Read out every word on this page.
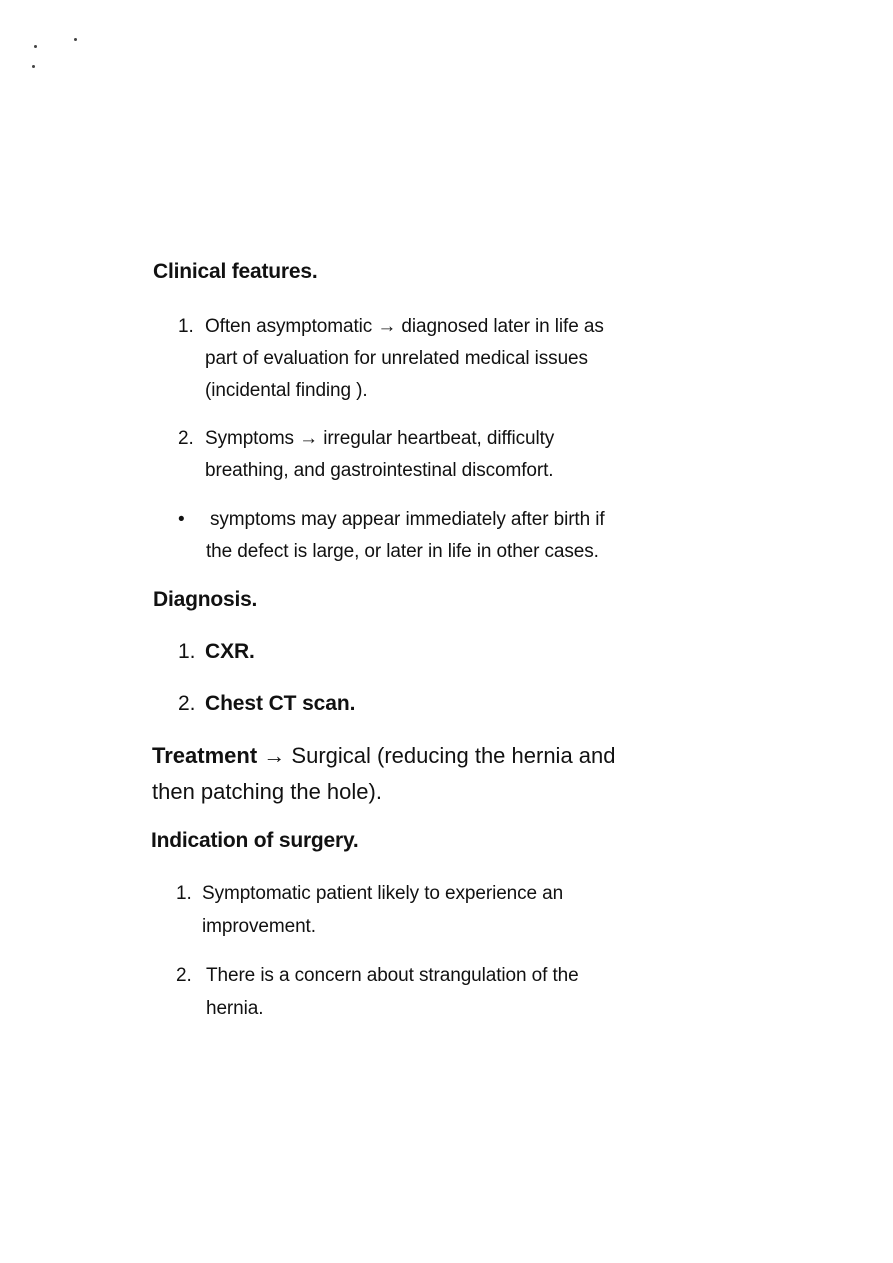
Clinical features.
1. Often asymptomatic → diagnosed later in life as
part of evaluation for unrelated medical issues
(incidental finding ).
2. Symptoms → irregular heartbeat, difficulty
breathing, and gastrointestinal discomfort.
• symptoms may appear immediately after birth if
the defect is large, or later in life in other cases.
Diagnosis.
1. CXR.
2. Chest CT scan.
Treatment → Surgical (reducing the hernia and
then patching the hole).
Indication of surgery.
1. Symptomatic patient likely to experience an
improvement.
2. There is a concern about strangulation of the
hernia.
